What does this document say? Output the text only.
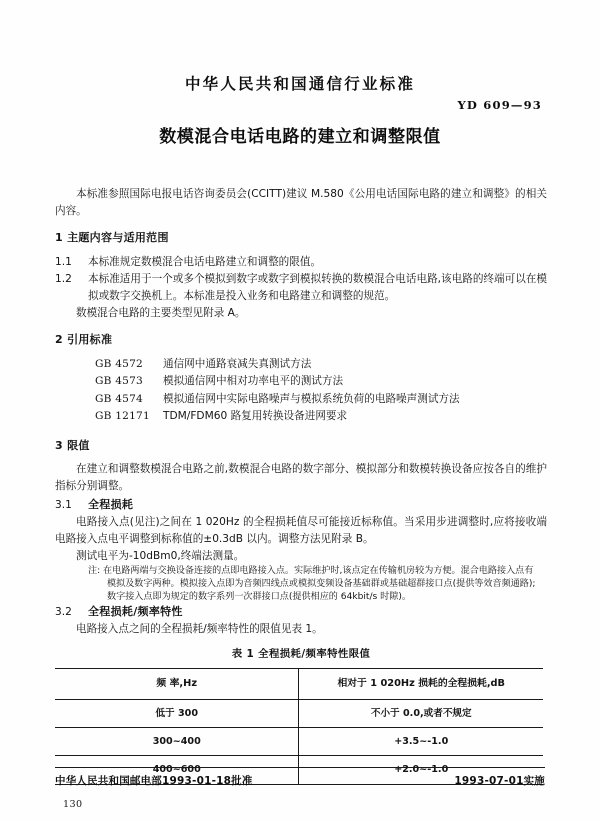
中华人民共和国通信行业标准
YD 609—93
数模混合电话电路的建立和调整限值

本标准参照国际电报电话咨询委员会(CCITT)建议 M.580《公用电话国际电路的建立和调整》的相关内容。

1 主题内容与适用范围

1.1 本标准规定数模混合电话电路建立和调整的限值。

1.2 本标准适用于一个或多个模拟到数字或数字到模拟转换的数模混合电话电路,该电路的终端可以在模拟或数字交换机上。本标准是投入业务和电路建立和调整的规范。

数模混合电路的主要类型见附录 A。

2 引用标准

GB 4572	通信网中通路衰减失真测试方法
GB 4573	模拟通信网中相对功率电平的测试方法
GB 4574	模拟通信网中实际电路噪声与模拟系统负荷的电路噪声测试方法
GB 12171	TDM/FDM60 路复用转换设备进网要求

3 限值

在建立和调整数模混合电路之前,数模混合电路的数字部分、模拟部分和数模转换设备应按各自的维护指标分别调整。

3.1 全程损耗

电路接入点(见注)之间在 1 020Hz 的全程损耗值尽可能接近标称值。当采用步进调整时,应将接收端电路接入点电平调整到标称值的±0.3dB 以内。调整方法见附录 B。

测试电平为-10dBm0,终端法测量。

注: 在电路两端与交换设备连接的点即电路接入点。实际维护时,该点定在传输机房较为方便。混合电路接入点有
模拟及数字两种。模拟接入点即为音频四线点或模拟变频设备基础群或基础超群接口点(提供等效音频通路);
数字接入点即为规定的数字系列一次群接口点(提供相应的 64kbit/s 时隙)。

3.2 全程损耗/频率特性

电路接入点之间的全程损耗/频率特性的限值见表 1。

表 1 全程损耗/频率特性限值

频 率,Hz	相对于 1 020Hz 损耗的全程损耗,dB
低于 300	不小于 0.0,或者不规定
300~400	+3.5~-1.0
400~600	+2.0~-1.0
中华人民共和国邮电部1993-01-18批准	1993-07-01实施
130
